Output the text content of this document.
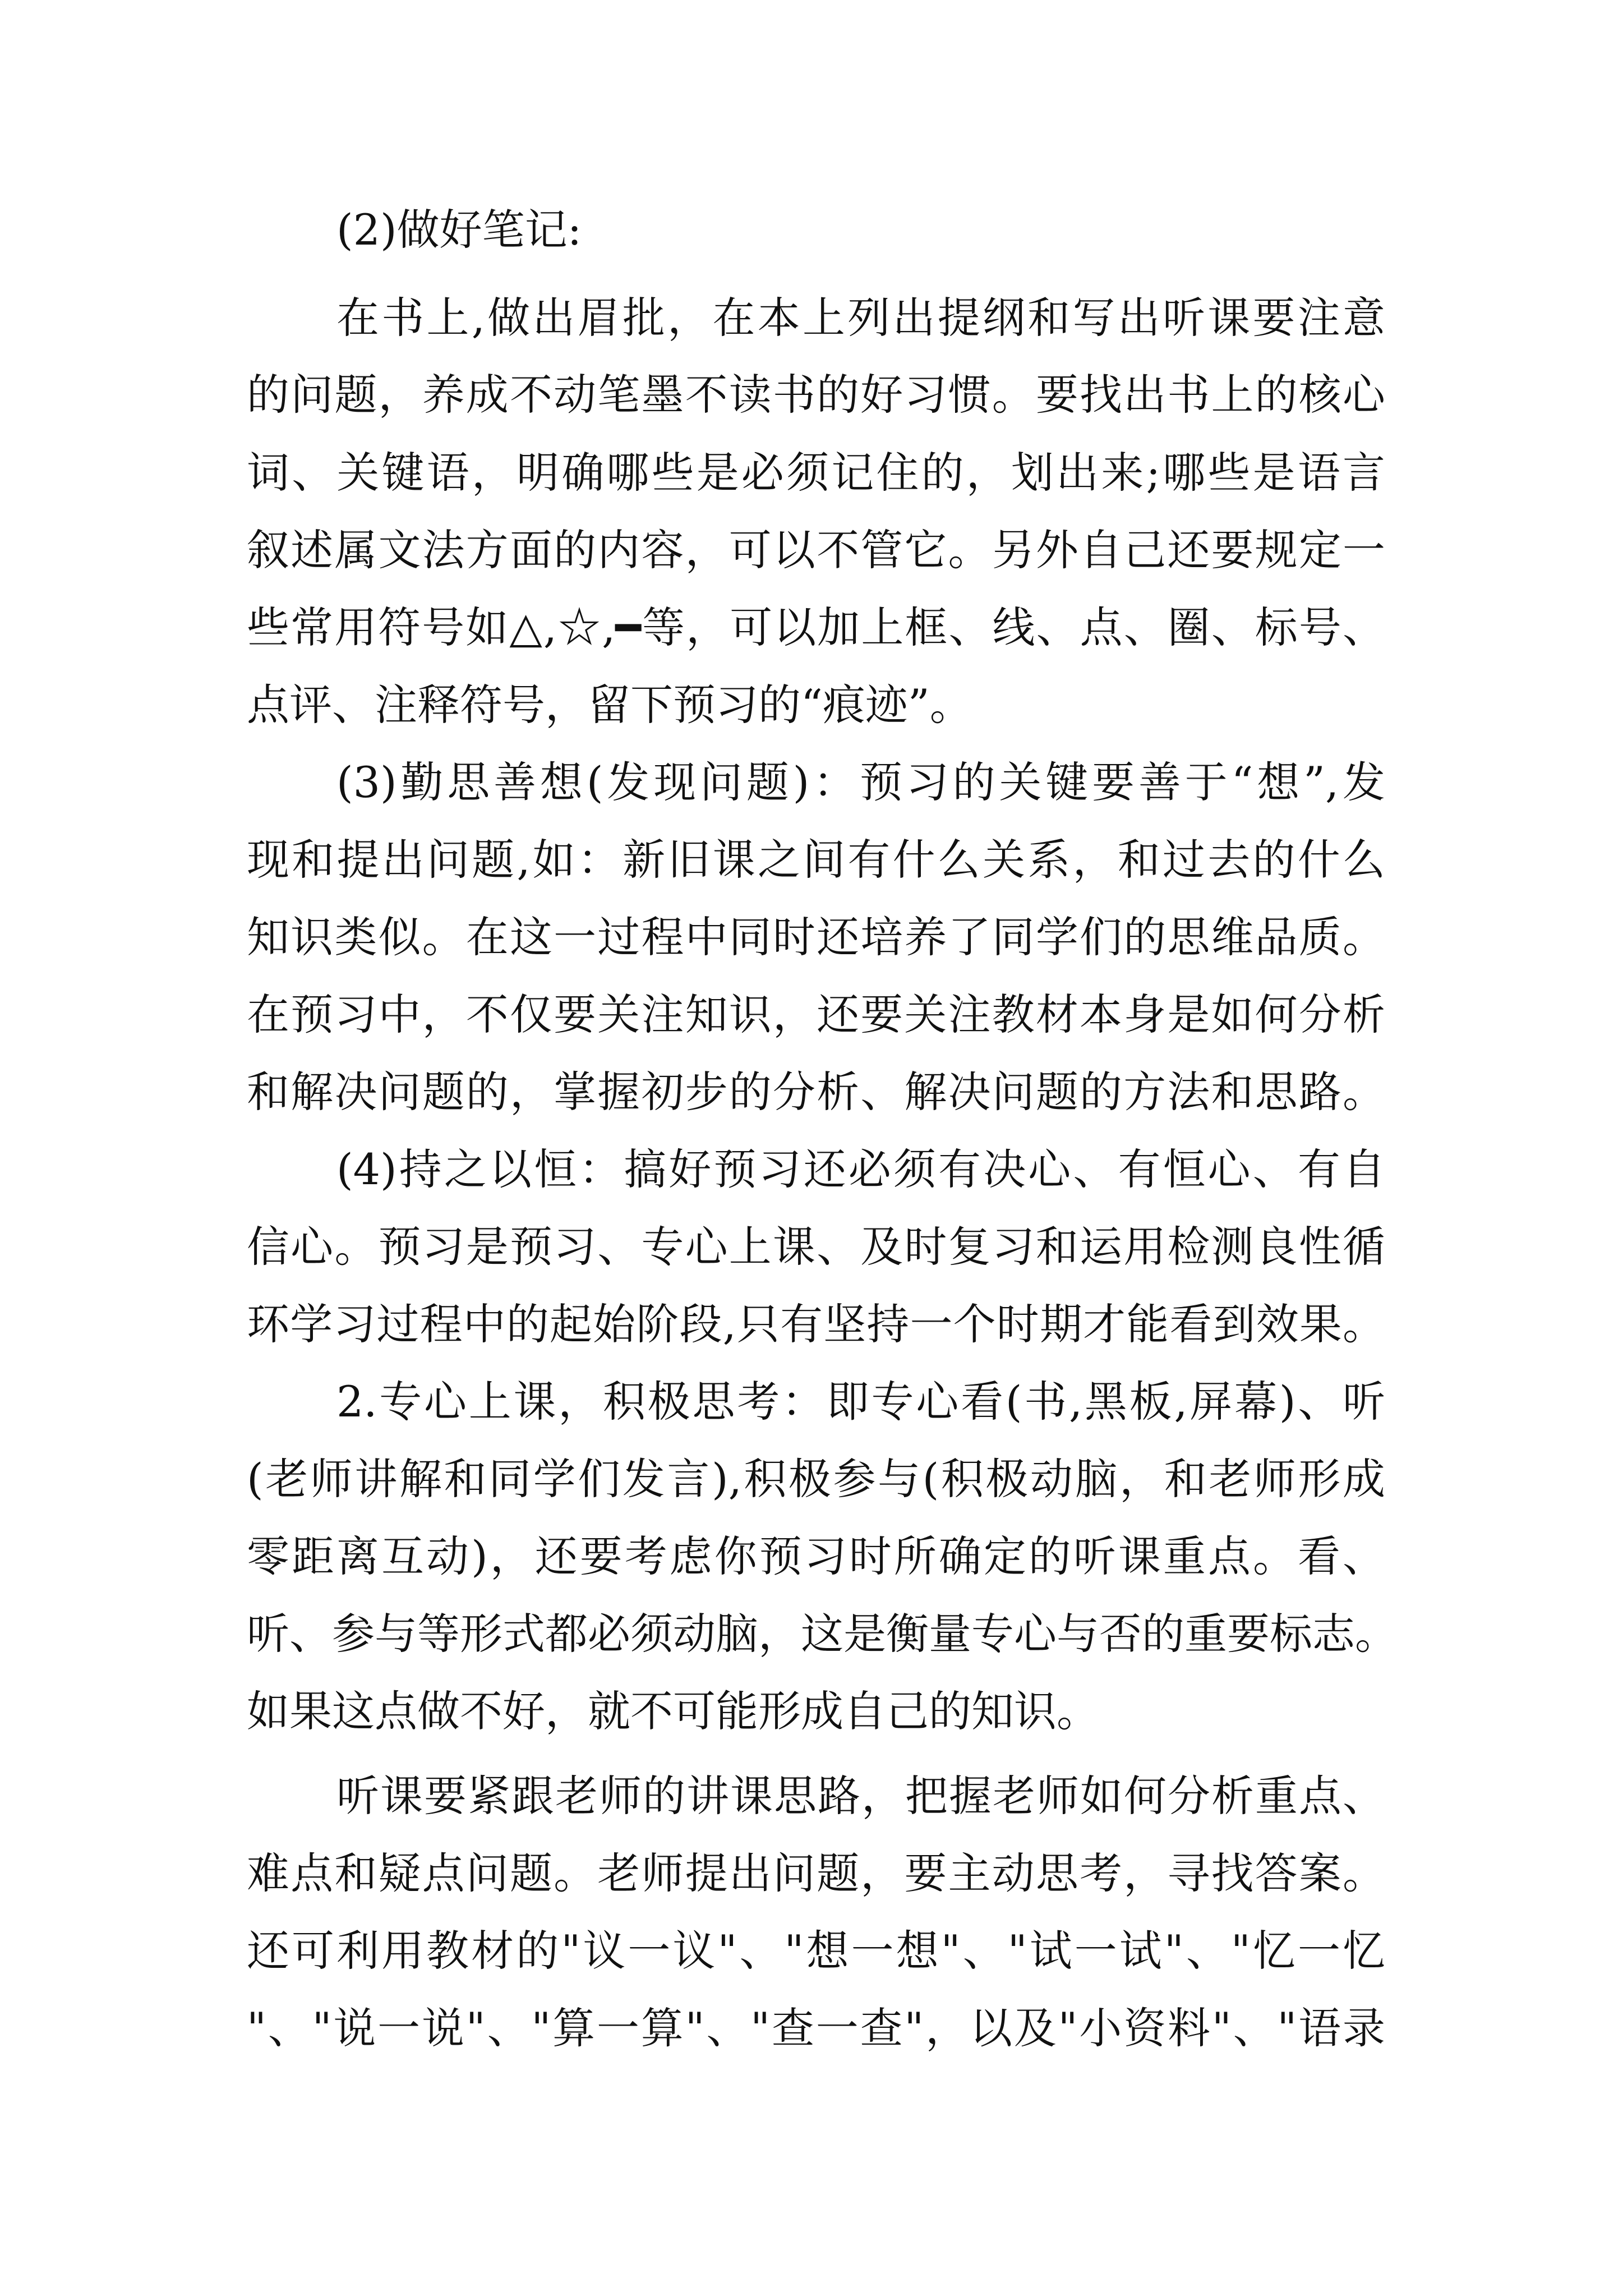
(2)做好笔记:
在书上,做出眉批，在本上列出提纲和写出听课要注意
的问题，养成不动笔墨不读书的好习惯。要找出书上的核心
词、关键语，明确哪些是必须记住的，划出来;哪些是语言
叙述属文法方面的内容，可以不管它。另外自己还要规定一
些常用符号如△,☆,━等，可以加上框、线、点、圈、标号、
点评、注释符号，留下预习的“痕迹”。
(3)勤思善想(发现问题)：预习的关键要善于“想”,发
现和提出问题,如：新旧课之间有什么关系，和过去的什么
知识类似。在这一过程中同时还培养了同学们的思维品质。
在预习中，不仅要关注知识，还要关注教材本身是如何分析
和解决问题的，掌握初步的分析、解决问题的方法和思路。
(4)持之以恒：搞好预习还必须有决心、有恒心、有自
信心。预习是预习、专心上课、及时复习和运用检测良性循
环学习过程中的起始阶段,只有坚持一个时期才能看到效果。
2.专心上课，积极思考：即专心看(书,黑板,屏幕)、听
(老师讲解和同学们发言),积极参与(积极动脑，和老师形成
零距离互动)，还要考虑你预习时所确定的听课重点。看、
听、参与等形式都必须动脑，这是衡量专心与否的重要标志。
如果这点做不好，就不可能形成自己的知识。
听课要紧跟老师的讲课思路，把握老师如何分析重点、
难点和疑点问题。老师提出问题，要主动思考，寻找答案。
还可利用教材的"议一议"、"想一想"、"试一试"、"忆一忆
"、"说一说"、"算一算"、"查一查"，以及"小资料"、"语录
